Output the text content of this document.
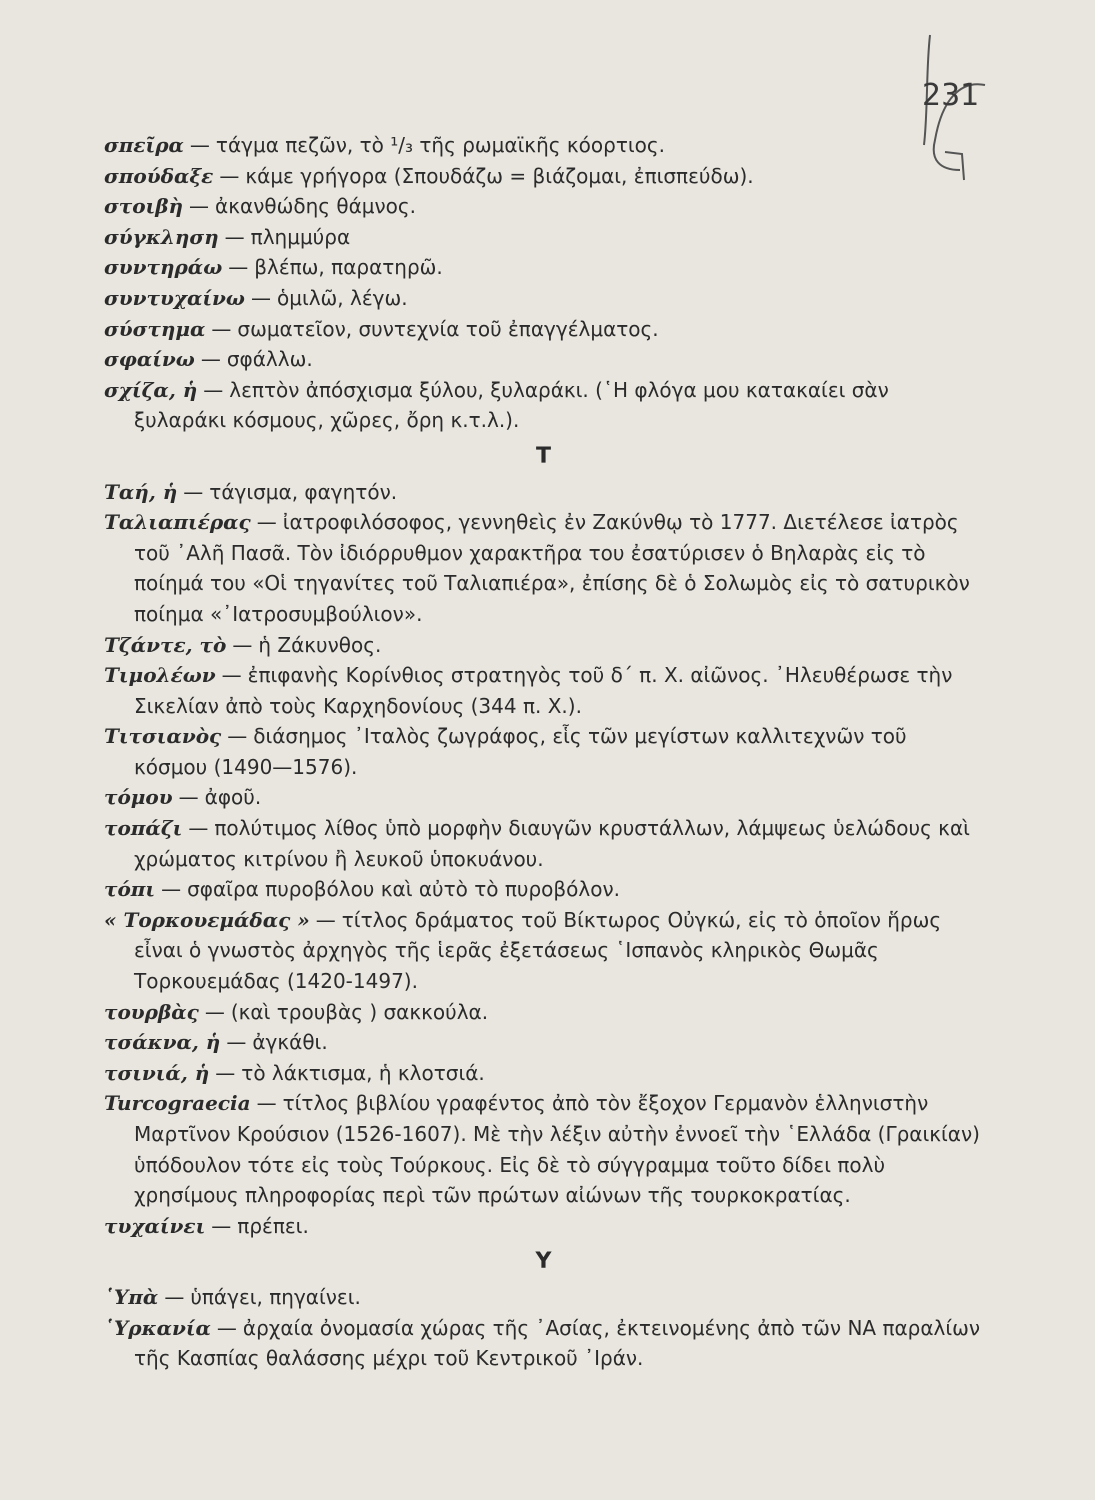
231

σπεῖρα — τάγμα πεζῶν, τὸ ¹/₃ τῆς ρωμαϊκῆς κόορτιος.

σπούδαξε — κάμε γρήγορα (Σπουδάζω = βιάζομαι, ἐπισπεύδω).

στοιβὴ — ἀκανθώδης θάμνος.

σύγκληση — πλημμύρα

συντηράω — βλέπω, παρατηρῶ.

συντυχαίνω — ὁμιλῶ, λέγω.

σύστημα — σωματεῖον, συντεχνία τοῦ ἐπαγγέλματος.

σφαίνω — σφάλλω.

σχίζα, ἡ — λεπτὸν ἀπόσχισμα ξύλου, ξυλαράκι. (῾Η φλόγα μου κατακαίει σὰν ξυλαράκι κόσμους, χῶρες, ὄρη κ.τ.λ.).

Τ

Ταή, ἡ — τάγισμα, φαγητόν.

Ταλιαπιέρας — ἰατροφιλόσοφος, γεννηθεὶς ἐν Ζακύνθῳ τὸ 1777. Διετέλεσε ἰατρὸς τοῦ ᾿Αλῆ Πασᾶ. Τὸν ἰδιόρρυθμον χαρακτῆρα του ἐσατύρισεν ὁ Βηλαρὰς εἰς τὸ ποίημά του «Οἱ τηγανίτες τοῦ Ταλιαπιέρα», ἐπίσης δὲ ὁ Σολωμὸς εἰς τὸ σατυρικὸν ποίημα «᾿Ιατροσυμβούλιον».

Τζάντε, τὸ — ἡ Ζάκυνθος.

Τιμολέων — ἐπιφανὴς Κορίνθιος στρατηγὸς τοῦ δ΄ π. Χ. αἰῶνος. ᾿Ηλευθέρωσε τὴν Σικελίαν ἀπὸ τοὺς Καρχηδονίους (344 π. Χ.).

Τιτσιανὸς — διάσημος ᾿Ιταλὸς ζωγράφος, εἷς τῶν μεγίστων καλλιτεχνῶν τοῦ κόσμου (1490—1576).

τόμου — ἀφοῦ.

τοπάζι — πολύτιμος λίθος ὑπὸ μορφὴν διαυγῶν κρυστάλλων, λάμψεως ὑελώδους καὶ χρώματος κιτρίνου ἢ λευκοῦ ὑποκυάνου.

τόπι — σφαῖρα πυροβόλου καὶ αὐτὸ τὸ πυροβόλον.

« Τορκουεμάδας » — τίτλος δράματος τοῦ Βίκτωρος Οὐγκώ, εἰς τὸ ὁποῖον ἥρως εἶναι ὁ γνωστὸς ἀρχηγὸς τῆς ἱερᾶς ἐξετάσεως ῾Ισπανὸς κληρικὸς Θωμᾶς Τορκουεμάδας (1420-1497).

τουρβὰς — (καὶ τρουβὰς ) σακκούλα.

τσάκνα, ἡ — ἀγκάθι.

τσινιά, ἡ — τὸ λάκτισμα, ἡ κλοτσιά.

Turcograecia — τίτλος βιβλίου γραφέντος ἀπὸ τὸν ἔξοχον Γερμανὸν ἑλληνιστὴν Μαρτῖνον Κρούσιον (1526-1607). Μὲ τὴν λέξιν αὐτὴν ἐννοεῖ τὴν ῾Ελλάδα (Γραικίαν) ὑπόδουλον τότε εἰς τοὺς Τούρκους. Εἰς δὲ τὸ σύγγραμμα τοῦτο δίδει πολὺ χρησίμους πληροφορίας περὶ τῶν πρώτων αἰώνων τῆς τουρκοκρατίας.

τυχαίνει — πρέπει.

Υ

῾Υπὰ — ὑπάγει, πηγαίνει.

῾Υρκανία — ἀρχαία ὀνομασία χώρας τῆς ᾿Ασίας, ἐκτεινομένης ἀπὸ τῶν ΝΑ παραλίων τῆς Κασπίας θαλάσσης μέχρι τοῦ Κεντρικοῦ ᾿Ιράν.
